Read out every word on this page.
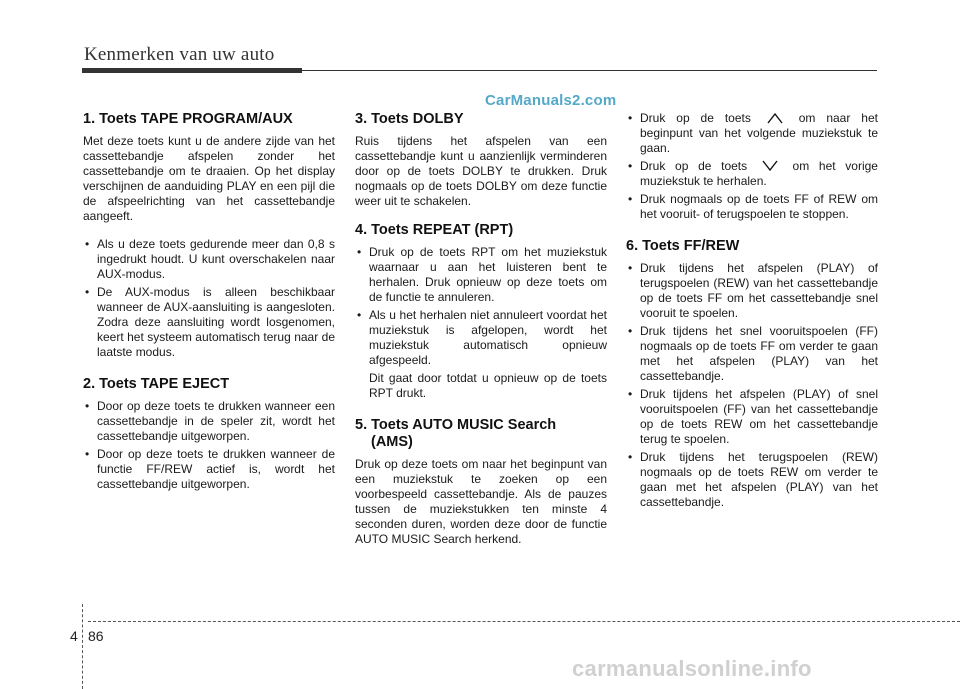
Kenmerken van uw auto
CarManuals2.com
1. Toets TAPE PROGRAM/AUX

Met deze toets kunt u de andere zijde van het cassettebandje afspelen zonder het cassettebandje om te draaien. Op het display verschijnen de aanduiding PLAY en een pijl die de afspeelrichting van het cassettebandje aangeeft.

• Als u deze toets gedurende meer dan 0,8 s ingedrukt houdt. U kunt overschakelen naar AUX-modus.
• De AUX-modus is alleen beschikbaar wanneer de AUX-aansluiting is aangesloten. Zodra deze aansluiting wordt losgenomen, keert het systeem automatisch terug naar de laatste modus.
2. Toets TAPE EJECT
• Door op deze toets te drukken wanneer een cassettebandje in de speler zit, wordt het cassettebandje uitgeworpen.
• Door op deze toets te drukken wanneer de functie FF/REW actief is, wordt het cassettebandje uitgeworpen.
3. Toets DOLBY

Ruis tijdens het afspelen van een cassettebandje kunt u aanzienlijk verminderen door op de toets DOLBY te drukken. Druk nogmaals op de toets DOLBY om deze functie weer uit te schakelen.

4. Toets REPEAT (RPT)
• Druk op de toets RPT om het muziekstuk waarnaar u aan het luisteren bent te herhalen. Druk opnieuw op deze toets om de functie te annuleren.
• Als u het herhalen niet annuleert voordat het muziekstuk is afgelopen, wordt het muziekstuk automatisch opnieuw afgespeeld.
Dit gaat door totdat u opnieuw op de toets RPT drukt.
5. Toets AUTO MUSIC Search
(AMS)

Druk op deze toets om naar het beginpunt van een muziekstuk te zoeken op een voorbespeeld cassettebandje. Als de pauzes tussen de muziekstukken ten minste 4 seconden duren, worden deze door de functie AUTO MUSIC Search herkend.

• Druk op de toets	om naar het beginpunt van het volgende muziekstuk te gaan.
• Druk op de toets	om het vorige muziekstuk te herhalen.
• Druk nogmaals op de toets FF of REW om het vooruit- of terugspoelen te stoppen.
6. Toets FF/REW
• Druk tijdens het afspelen (PLAY) of terugspoelen (REW) van het cassettebandje op de toets FF om het cassettebandje snel vooruit te spoelen.
• Druk tijdens het snel vooruitspoelen (FF) nogmaals op de toets FF om verder te gaan met het afspelen (PLAY) van het cassettebandje.
• Druk tijdens het afspelen (PLAY) of snel vooruitspoelen (FF) van het cassettebandje op de toets REW om het cassettebandje terug te spoelen.
• Druk tijdens het terugspoelen (REW) nogmaals op de toets REW om verder te gaan met het afspelen (PLAY) van het cassettebandje.
4 86
carmanualsonline.info
